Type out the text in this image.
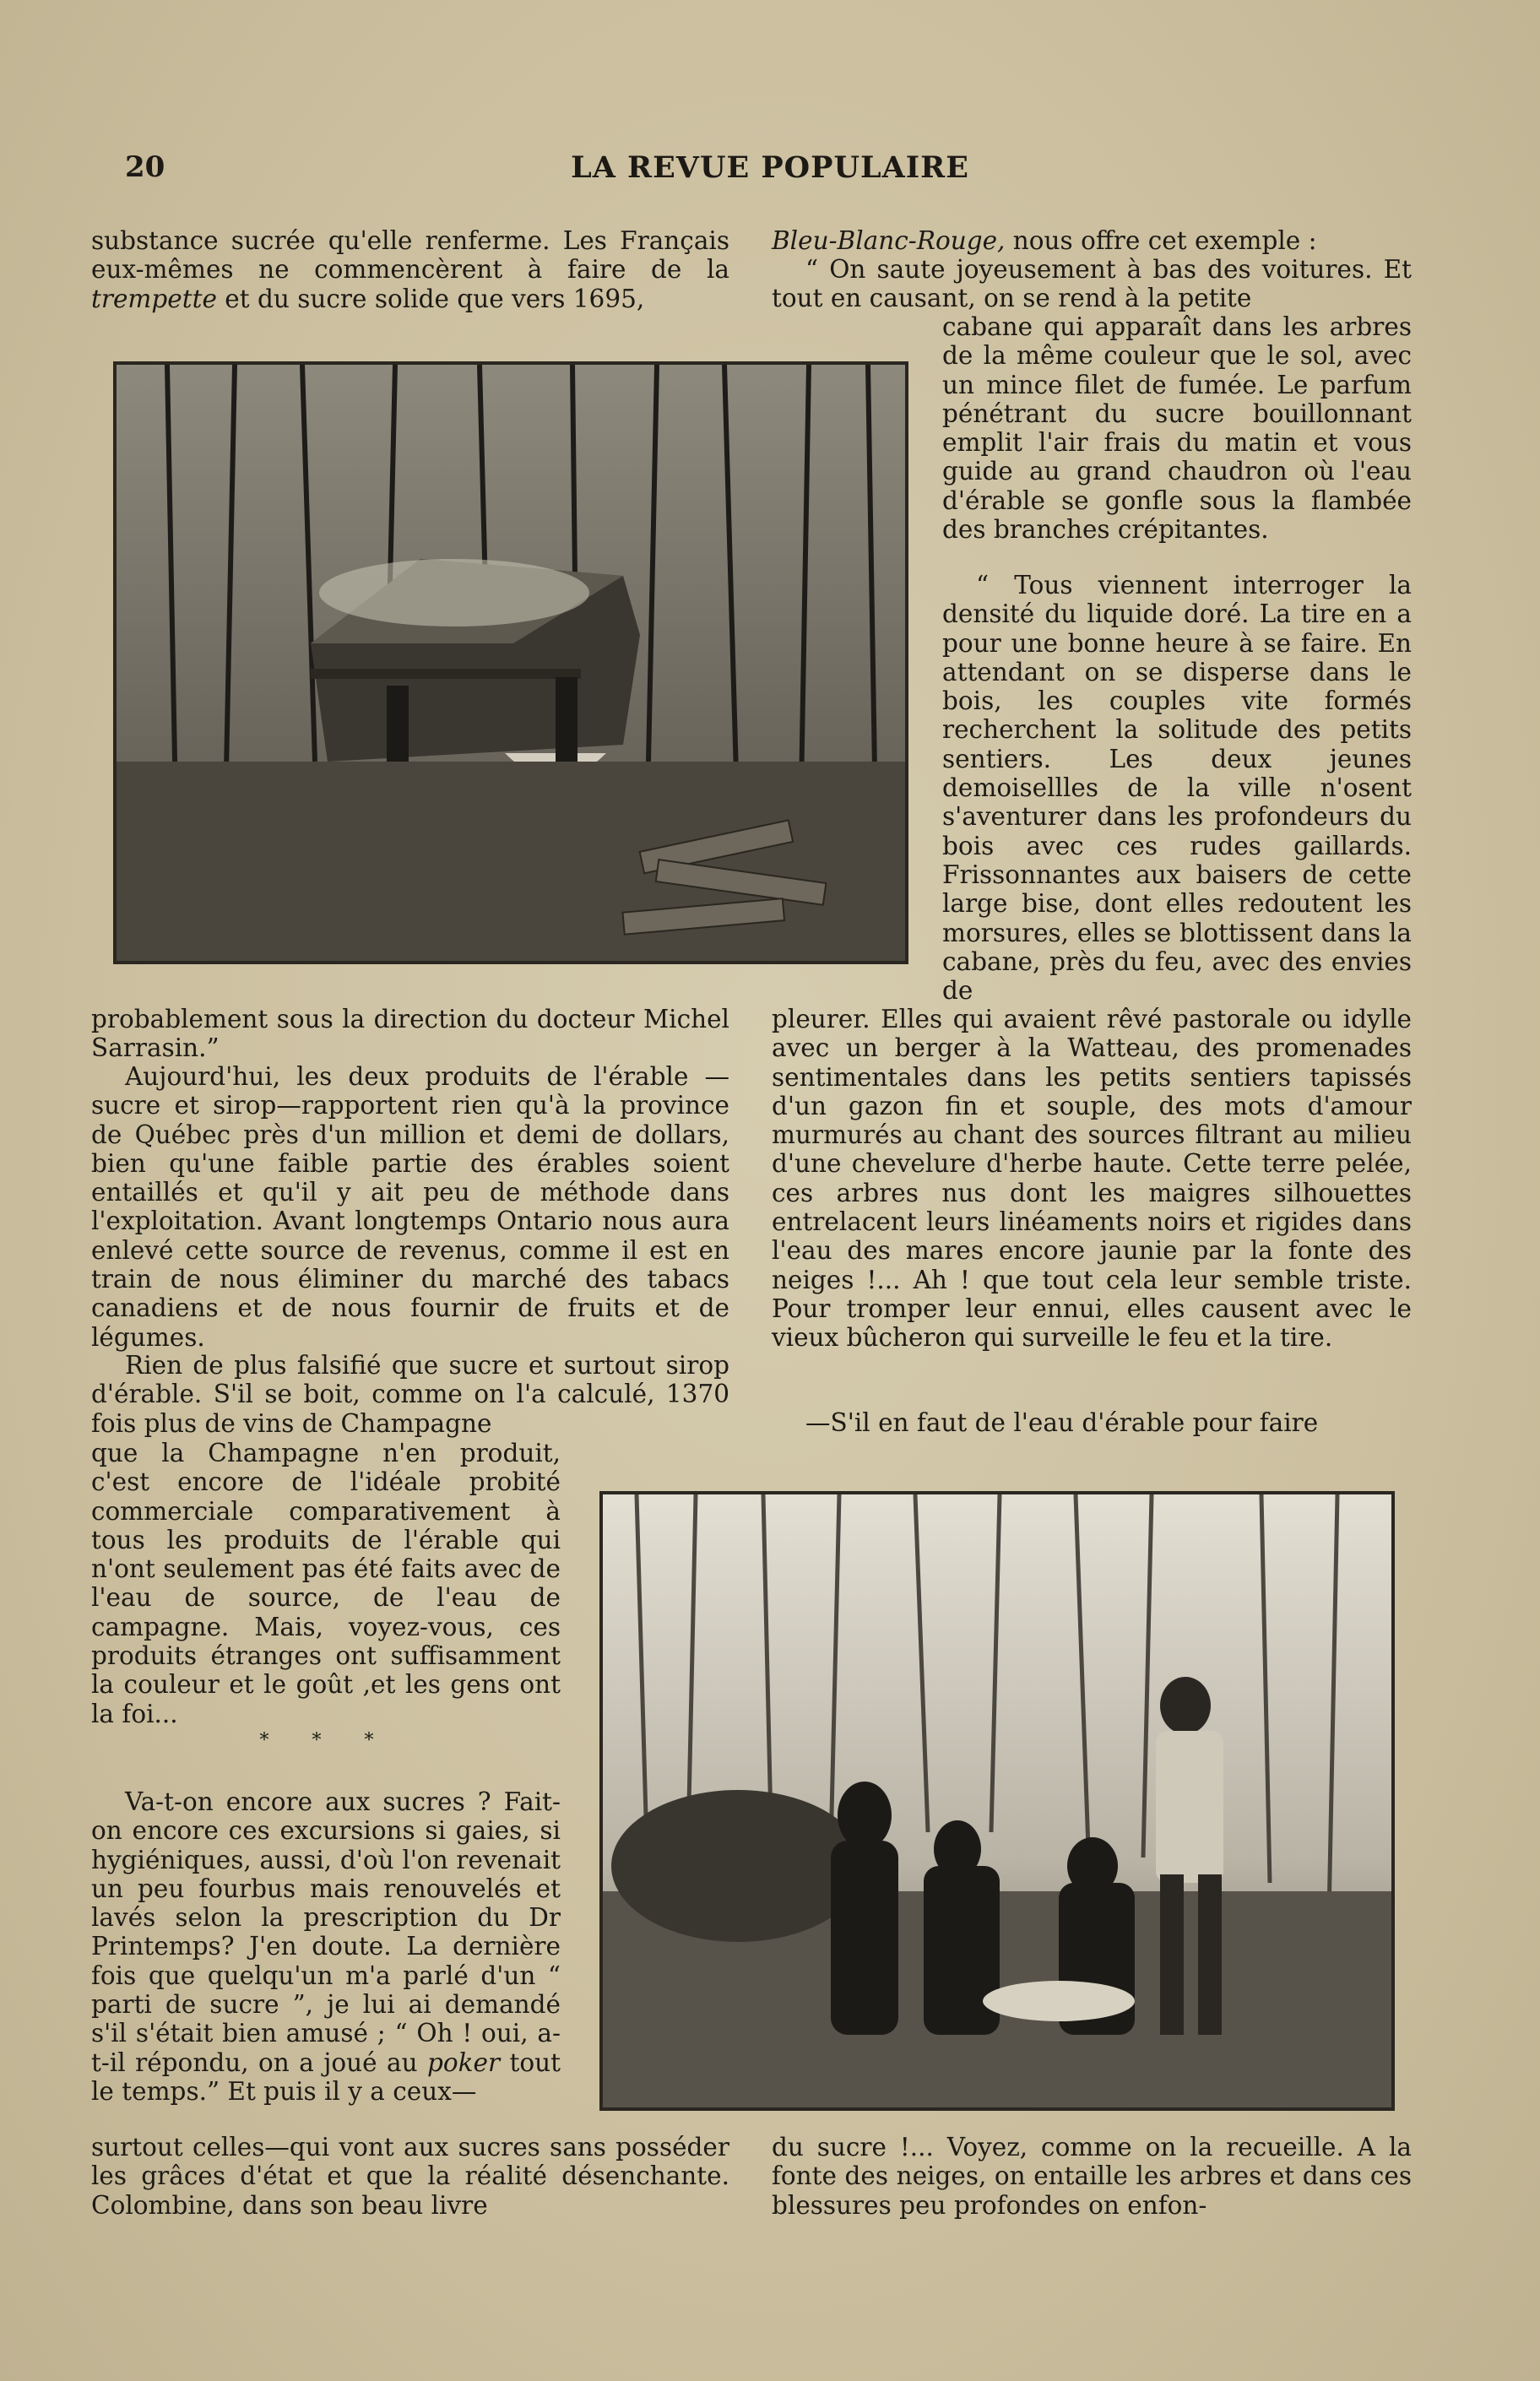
20	LA REVUE POPULAIRE

substance sucrée qu'elle renferme. Les Français eux-mêmes ne commencèrent à faire de la trempette et du sucre solide que vers 1695,

probablement sous la direction du docteur Michel Sarrasin.”

Aujourd'hui, les deux produits de l'érable —sucre et sirop—rapportent rien qu'à la province de Québec près d'un million et demi de dollars, bien qu'une faible partie des érables soient entaillés et qu'il y ait peu de méthode dans l'exploitation. Avant longtemps Ontario nous aura enlevé cette source de revenus, comme il est en train de nous éliminer du marché des tabacs canadiens et de nous fournir de fruits et de légumes.

Rien de plus falsifié que sucre et surtout sirop d'érable. S'il se boit, comme on l'a calculé, 1370 fois plus de vins de Champagne

que la Champagne n'en produit, c'est encore de l'idéale probité commerciale comparativement à tous les produits de l'érable qui n'ont seulement pas été faits avec de l'eau de source, de l'eau de campagne. Mais, voyez-vous, ces produits étranges ont suffisamment la couleur et le goût ,et les gens ont la foi...

* * *

Va-t-on encore aux sucres ? Fait-on encore ces excursions si gaies, si hygiéniques, aussi, d'où l'on revenait un peu fourbus mais renouvelés et lavés selon la prescription du Dr Printemps? J'en doute. La dernière fois que quelqu'un m'a parlé d'un “ parti de sucre ”, je lui ai demandé s'il s'était bien amusé ; “ Oh ! oui, a-t-il répondu, on a joué au poker tout le temps.” Et puis il y a ceux—

surtout celles—qui vont aux sucres sans posséder les grâces d'état et que la réalité désenchante. Colombine, dans son beau livre

Bleu-Blanc-Rouge, nous offre cet exemple :

“ On saute joyeusement à bas des voitures. Et tout en causant, on se rend à la petite

cabane qui apparaît dans les arbres de la même couleur que le sol, avec un mince filet de fumée. Le parfum pénétrant du sucre bouillonnant emplit l'air frais du matin et vous guide au grand chaudron où l'eau d'érable se gonfle sous la flambée des branches crépitantes.

“ Tous viennent interroger la densité du liquide doré. La tire en a pour une bonne heure à se faire. En attendant on se disperse dans le bois, les couples vite formés recherchent la solitude des petits sentiers. Les deux jeunes demoisellles de la ville n'osent s'aventurer dans les profondeurs du bois avec ces rudes gaillards. Frissonnantes aux baisers de cette large bise, dont elles redoutent les morsures, elles se blottissent dans la cabane, près du feu, avec des envies de

pleurer. Elles qui avaient rêvé pastorale ou idylle avec un berger à la Watteau, des promenades sentimentales dans les petits sentiers tapissés d'un gazon fin et souple, des mots d'amour murmurés au chant des sources filtrant au milieu d'une chevelure d'herbe haute. Cette terre pelée, ces arbres nus dont les maigres silhouettes entrelacent leurs linéaments noirs et rigides dans l'eau des mares encore jaunie par la fonte des neiges !... Ah ! que tout cela leur semble triste. Pour tromper leur ennui, elles causent avec le vieux bûcheron qui surveille le feu et la tire.

—S'il en faut de l'eau d'érable pour faire

du sucre !... Voyez, comme on la recueille. A la fonte des neiges, on entaille les arbres et dans ces blessures peu profondes on enfon-
